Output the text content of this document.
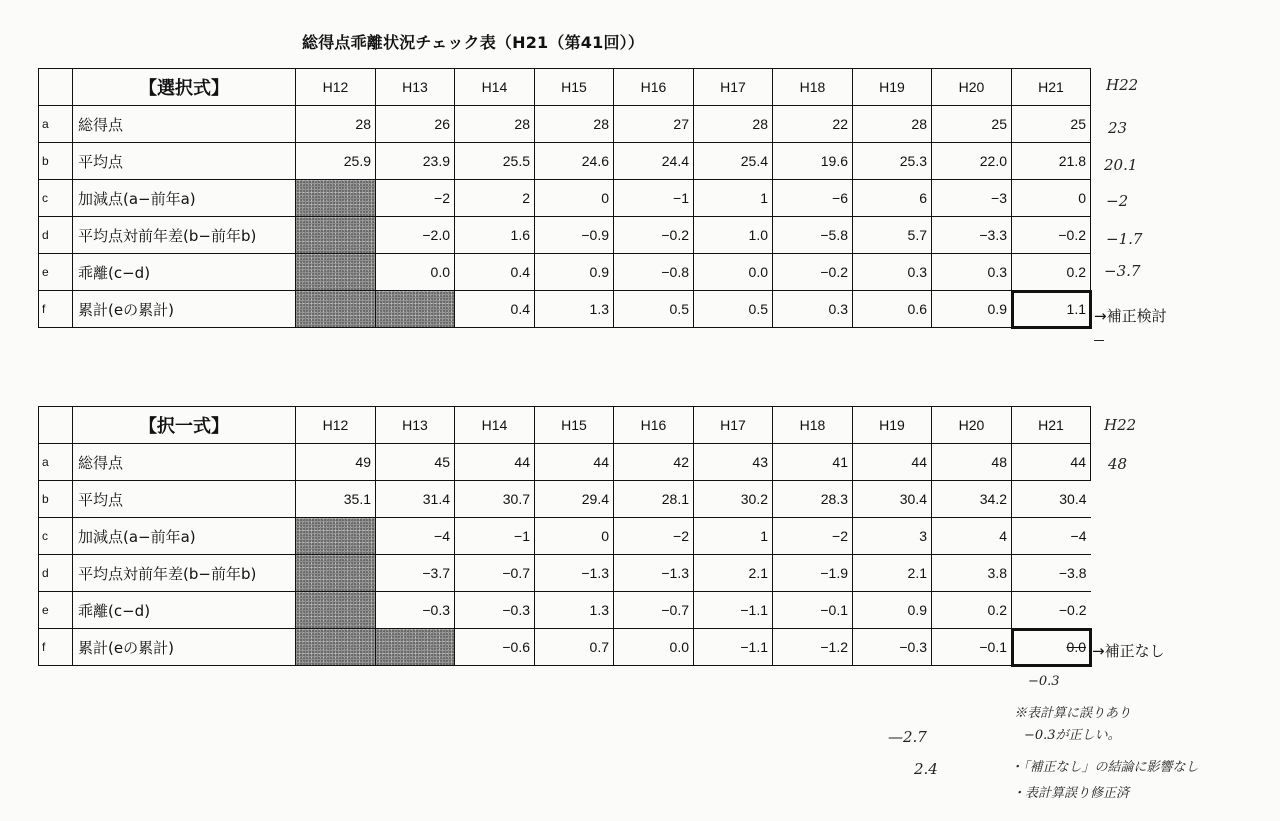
総得点乖離状況チェック表（H21（第41回））
	【選択式】	H12	H13	H14	H15	H16	H17	H18	H19	H20	H21
a	総得点	28	26	28	28	27	28	22	28	25	25
b	平均点	25.9	23.9	25.5	24.6	24.4	25.4	19.6	25.3	22.0	21.8
c	加減点(a−前年a)		−2	2	0	−1	1	−6	6	−3	0
d	平均点対前年差(b−前年b)		−2.0	1.6	−0.9	−0.2	1.0	−5.8	5.7	−3.3	−0.2
e	乖離(c−d)		0.0	0.4	0.9	−0.8	0.0	−0.2	0.3	0.3	0.2
f	累計(eの累計)			0.4	1.3	0.5	0.5	0.3	0.6	0.9	1.1
	【択一式】	H12	H13	H14	H15	H16	H17	H18	H19	H20	H21
a	総得点	49	45	44	44	42	43	41	44	48	44
b	平均点	35.1	31.4	30.7	29.4	28.1	30.2	28.3	30.4	34.2	30.4
c	加減点(a−前年a)		−4	−1	0	−2	1	−2	3	4	−4
d	平均点対前年差(b−前年b)		−3.7	−0.7	−1.3	−1.3	2.1	−1.9	2.1	3.8	−3.8
e	乖離(c−d)		−0.3	−0.3	1.3	−0.7	−1.1	−0.1	0.9	0.2	−0.2
f	累計(eの累計)			−0.6	0.7	0.0	−1.1	−1.2	−0.3	−0.1	0.0
→補正検討
H22
23
20.1
−2
−1.7
−3.7
→補正なし
H22
48
−0.3
※表計算に誤りあり
−0.3が正しい。
・「補正なし」の結論に影響なし
・表計算誤り修正済
—2.7
2.4
